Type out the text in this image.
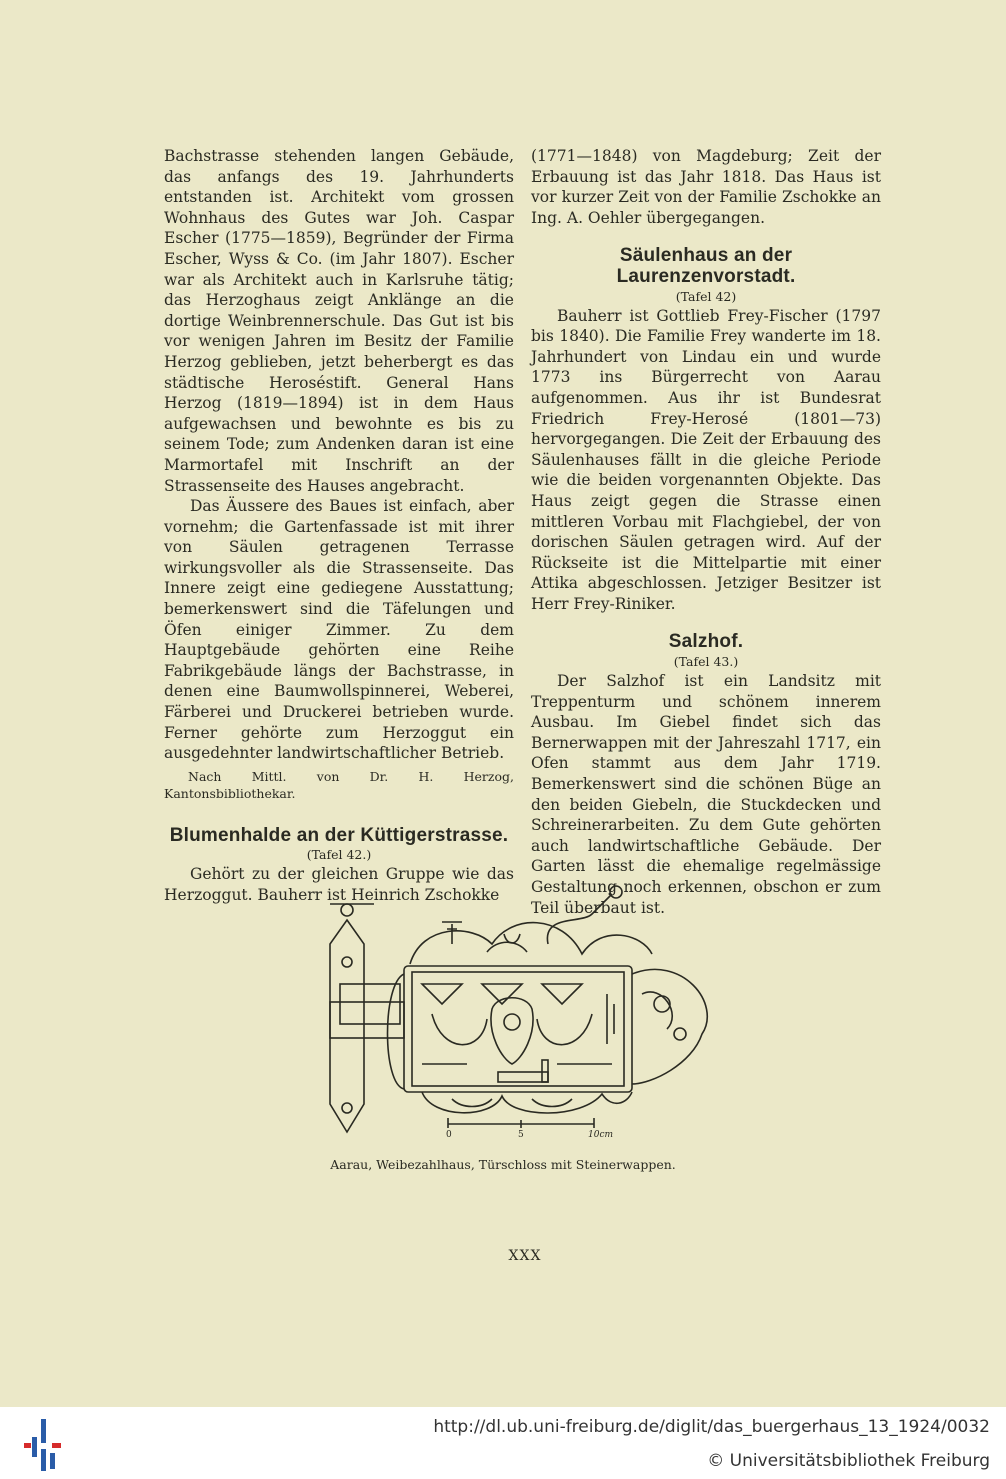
Bachstrasse stehenden langen Gebäude, das anfangs des 19. Jahrhunderts entstanden ist. Architekt vom grossen Wohnhaus des Gutes war Joh. Caspar Escher (1775—1859), Begründer der Firma Escher, Wyss & Co. (im Jahr 1807). Escher war als Architekt auch in Karlsruhe tätig; das Herzoghaus zeigt Anklänge an die dortige Weinbrennerschule. Das Gut ist bis vor wenigen Jahren im Besitz der Familie Herzog geblieben, jetzt beherbergt es das städtische Heroséstift. General Hans Herzog (1819—1894) ist in dem Haus aufgewachsen und bewohnte es bis zu seinem Tode; zum Andenken daran ist eine Marmortafel mit Inschrift an der Strassenseite des Hauses angebracht.

Das Äussere des Baues ist einfach, aber vornehm; die Gartenfassade ist mit ihrer von Säulen getragenen Terrasse wirkungsvoller als die Strassenseite. Das Innere zeigt eine gediegene Ausstattung; bemerkenswert sind die Täfelungen und Öfen einiger Zimmer. Zu dem Hauptgebäude gehörten eine Reihe Fabrikgebäude längs der Bachstrasse, in denen eine Baumwollspinnerei, Weberei, Färberei und Druckerei betrieben wurde. Ferner gehörte zum Herzoggut ein ausgedehnter landwirtschaftlicher Betrieb.

Nach Mittl. von Dr. H. Herzog, Kantonsbibliothekar.

Blumenhalde an der Küttigerstrasse.
(Tafel 42.)

Gehört zu der gleichen Gruppe wie das Herzoggut. Bauherr ist Heinrich Zschokke

(1771—1848) von Magdeburg; Zeit der Erbauung ist das Jahr 1818. Das Haus ist vor kurzer Zeit von der Familie Zschokke an Ing. A. Oehler übergegangen.

Säulenhaus an der Laurenzenvorstadt.
(Tafel 42)

Bauherr ist Gottlieb Frey-Fischer (1797 bis 1840). Die Familie Frey wanderte im 18. Jahrhundert von Lindau ein und wurde 1773 ins Bürgerrecht von Aarau aufgenommen. Aus ihr ist Bundesrat Friedrich Frey-Herosé (1801—73) hervorgegangen. Die Zeit der Erbauung des Säulenhauses fällt in die gleiche Periode wie die beiden vorgenannten Objekte. Das Haus zeigt gegen die Strasse einen mittleren Vorbau mit Flachgiebel, der von dorischen Säulen getragen wird. Auf der Rückseite ist die Mittelpartie mit einer Attika abgeschlossen. Jetziger Besitzer ist Herr Frey-Riniker.

Salzhof.
(Tafel 43.)

Der Salzhof ist ein Landsitz mit Treppenturm und schönem innerem Ausbau. Im Giebel findet sich das Bernerwappen mit der Jahreszahl 1717, ein Ofen stammt aus dem Jahr 1719. Bemerkenswert sind die schönen Büge an den beiden Giebeln, die Stuckdecken und Schreinerarbeiten. Zu dem Gute gehörten auch landwirtschaftliche Gebäude. Der Garten lässt die ehemalige regelmässige Gestaltung noch erkennen, obschon er zum Teil überbaut ist.

0	5	10cm
Aarau, Weibezahlhaus, Türschloss mit Steinerwappen.
XXX
http://dl.ub.uni-freiburg.de/diglit/das_buergerhaus_13_1924/0032
© Universitätsbibliothek Freiburg
